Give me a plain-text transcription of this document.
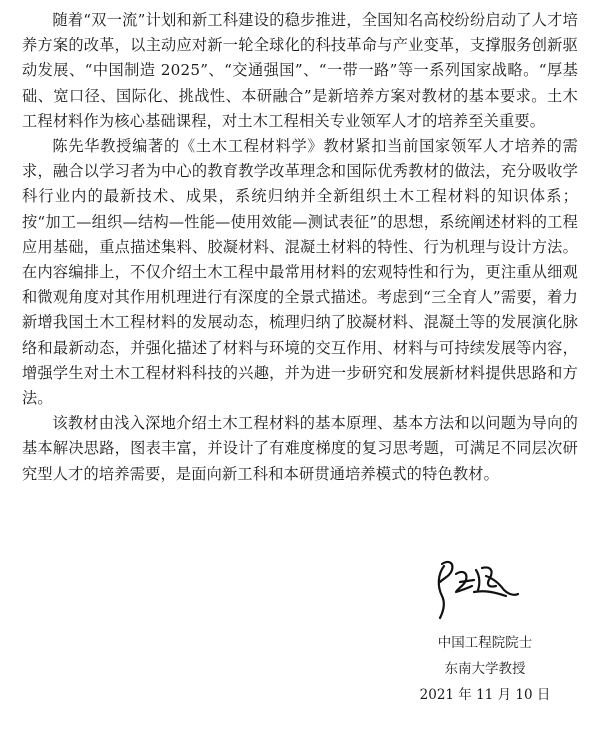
随着“双一流”计划和新工科建设的稳步推进，全国知名高校纷纷启动了人才培养方案的改革，以主动应对新一轮全球化的科技革命与产业变革，支撑服务创新驱动发展、“中国制造 2025”、“交通强国”、“一带一路”等一系列国家战略。“厚基础、宽口径、国际化、挑战性、本研融合”是新培养方案对教材的基本要求。土木工程材料作为核心基础课程，对土木工程相关专业领军人才的培养至关重要。

陈先华教授编著的《土木工程材料学》教材紧扣当前国家领军人才培养的需求，融合以学习者为中心的教育教学改革理念和国际优秀教材的做法，充分吸收学科行业内的最新技术、成果，系统归纳并全新组织土木工程材料的知识体系；按“加工—组织—结构—性能—使用效能—测试表征”的思想，系统阐述材料的工程应用基础，重点描述集料、胶凝材料、混凝土材料的特性、行为机理与设计方法。在内容编排上，不仅介绍土木工程中最常用材料的宏观特性和行为，更注重从细观和微观角度对其作用机理进行有深度的全景式描述。考虑到“三全育人”需要，着力新增我国土木工程材料的发展动态，梳理归纳了胶凝材料、混凝土等的发展演化脉络和最新动态，并强化描述了材料与环境的交互作用、材料与可持续发展等内容，增强学生对土木工程材料科技的兴趣，并为进一步研究和发展新材料提供思路和方法。

该教材由浅入深地介绍土木工程材料的基本原理、基本方法和以问题为导向的基本解决思路，图表丰富，并设计了有难度梯度的复习思考题，可满足不同层次研究型人才的培养需要，是面向新工科和本研贯通培养模式的特色教材。

中国工程院院士
东南大学教授
2021 年 11 月 10 日
